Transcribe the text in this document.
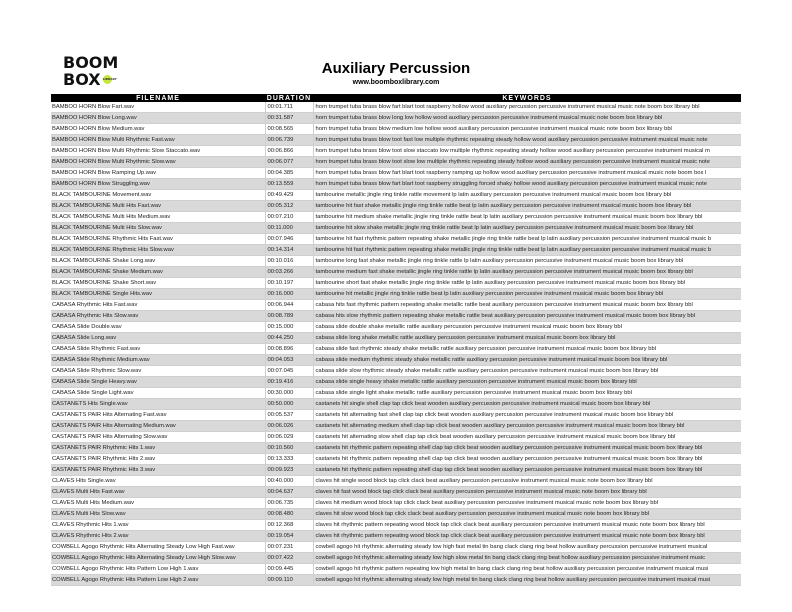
BOOM
BOX LIBRARY
Auxiliary Percussion
www.boomboxlibrary.com
FILENAME	DURATION	KEYWORDS
BAMBOO HORN Blow Fart.wav	00:01.711	horn trumpet tuba brass blow fart blart toot raspberry hollow wood auxiliary percussion percussive instrument musical music note boom box library bbl
BAMBOO HORN Blow Long.wav	00:31.587	horn trumpet tuba brass blow long low hollow wood auxiliary percussion percussive instrument musical music note boom box library bbl
BAMBOO HORN Blow Medium.wav	00:08.565	horn trumpet tuba brass blow medium low hollow wood auxiliary percussion percussive instrument musical music note boom box library bbl
BAMBOO HORN Blow Multi Rhythmic Fast.wav	00:06.739	horn trumpet tuba brass blow toot fast low multiple rhythmic repeating steady hollow wood auxiliary percussion percussive instrument musical music note
BAMBOO HORN Blow Multi Rhythmic Slow Staccato.wav	00:06.866	horn trumpet tuba brass blow toot slow staccato low multiple rhythmic repeating steady hollow wood auxiliary percussion percussive instrument musical m
BAMBOO HORN Blow Multi Rhythmic Slow.wav	00:06.077	horn trumpet tuba brass blow toot slow low multiple rhythmic repeating steady hollow wood auxiliary percussion percussive instrument musical music note
BAMBOO HORN Blow Ramping Up.wav	00:04.385	horn trumpet tuba brass blow fart blart toot raspberry ramping up hollow wood auxiliary percussion percussive instrument musical music note boom box l
BAMBOO HORN Blow Struggling.wav	00:13.559	horn trumpet tuba brass blow fart blart toot raspberry struggling forced shaky hollow wood auxiliary percussion percussive instrument musical music note
BLACK TAMBOURINE Movement.wav	00:49.429	tambourine metallic jingle ring tinkle rattle movement lp latin auxiliary percussion percussive instrument musical music boom box library bbl
BLACK TAMBOURINE Multi Hits Fast.wav	00:05.312	tambourine hit fast shake metallic jingle ring tinkle rattle beat lp latin auxiliary percussion percussive instrument musical music boom box library bbl
BLACK TAMBOURINE Multi Hits Medium.wav	00:07.210	tambourine hit medium shake metallic jingle ring tinkle rattle beat lp latin auxiliary percussion percussive instrument musical music boom box library bbl
BLACK TAMBOURINE Multi Hits Slow.wav	00:11.000	tambourine hit slow shake metallic jingle ring tinkle rattle beat lp latin auxiliary percussion percussive instrument musical music boom box library bbl
BLACK TAMBOURINE Rhythmic Hits Fast.wav	00:07.946	tambourine hit fast rhythmic pattern repeating shake metallic jingle ring tinkle rattle beat lp latin auxiliary percussion percussive instrument musical music b
BLACK TAMBOURINE Rhythmic Hits Slow.wav	00:14.314	tambourine hit fast rhythmic pattern repeating shake metallic jingle ring tinkle rattle beat lp latin auxiliary percussion percussive instrument musical music b
BLACK TAMBOURINE Shake Long.wav	00:10.016	tambourine long fast shake metallic jingle ring tinkle rattle lp latin auxiliary percussion percussive instrument musical music boom box library bbl
BLACK TAMBOURINE Shake Medium.wav	00:03.266	tambourine medium fast shake metallic jingle ring tinkle rattle lp latin auxiliary percussion percussive instrument musical music boom box library bbl
BLACK TAMBOURINE Shake Short.wav	00:10.197	tambourine short fast shake metallic jingle ring tinkle rattle lp latin auxiliary percussion percussive instrument musical music boom box library bbl
BLACK TAMBOURINE Single Hits.wav	00:16.000	tambourine hit metallic jingle ring tinkle rattle beat lp latin auxiliary percussion percussive instrument musical music boom box library bbl
CABASA Rhythmic Hits Fast.wav	00:06.944	cabasa hits fast rhythmic pattern repeating shake metallic rattle beat auxiliary percussion percussive instrument musical music boom box library bbl
CABASA Rhythmic Hits Slow.wav	00:08.789	cabasa hits slow rhythmic pattern repeating shake metallic rattle beat auxiliary percussion percussive instrument musical music boom box library bbl
CABASA Slide Double.wav	00:15.000	cabasa slide double shake metallic rattle auxiliary percussion percussive instrument musical music boom box library bbl
CABASA Slide Long.wav	00:44.250	cabasa slide long shake metallic rattle auxiliary percussion percussive instrument musical music boom box library bbl
CABASA Slide Rhythmic Fast.wav	00:08.896	cabasa slide fast rhythmic steady shake metallic rattle auxiliary percussion percussive instrument musical music boom box library bbl
CABASA Slide Rhythmic Medium.wav	00:04.053	cabasa slide medium rhythmic steady shake metallic rattle auxiliary percussion percussive instrument musical music boom box library bbl
CABASA Slide Rhythmic Slow.wav	00:07.045	cabasa slide slow rhythmic steady shake metallic rattle auxiliary percussion percussive instrument musical music boom box library bbl
CABASA Slide Single Heavy.wav	00:19.416	cabasa slide single heavy shake metallic rattle auxiliary percussion percussive instrument musical music boom box library bbl
CABASA Slide Single Light.wav	00:30.000	cabasa slide single light shake metallic rattle auxiliary percussion percussive instrument musical music boom box library bbl
CASTANETS Hits Single.wav	00:50.000	castanets hit single shell clap tap click beat wooden auxiliary percussion percussive instrument musical music boom box library bbl
CASTANETS PAIR Hits Alternating Fast.wav	00:05.537	castanets hit alternating fast shell clap tap click beat wooden auxiliary percussion percussive instrument musical music boom box library bbl
CASTANETS PAIR Hits Alternating Medium.wav	00:06.026	castanets hit alternating medium shell clap tap click beat wooden auxiliary percussion percussive instrument musical music boom box library bbl
CASTANETS PAIR Hits Alternating Slow.wav	00:06.029	castanets hit alternating slow shell clap tap click beat wooden auxiliary percussion percussive instrument musical music boom box library bbl
CASTANETS PAIR Rhythmic Hits 1.wav	00:10.560	castanets hit rhythmic pattern repeating shell clap tap click beat wooden auxiliary percussion percussive instrument musical music boom box library bbl
CASTANETS PAIR Rhythmic Hits 2.wav	00:13.333	castanets hit rhythmic pattern repeating shell clap tap click beat wooden auxiliary percussion percussive instrument musical music boom box library bbl
CASTANETS PAIR Rhythmic Hits 3.wav	00:09.923	castanets hit rhythmic pattern repeating shell clap tap click beat wooden auxiliary percussion percussive instrument musical music boom box library bbl
CLAVES Hits Single.wav	00:40.000	claves hit single wood block tap click clack beat auxiliary percussion percussive instrument musical music note boom box library bbl
CLAVES Multi Hits Fast.wav	00:04.637	claves hit fast wood block tap click clack beat auxiliary percussion percussive instrument musical music note boom box library bbl
CLAVES Multi Hits Medium.wav	00:06.735	claves hit medium wood block tap click clack beat auxiliary percussion percussive instrument musical music note boom box library bbl
CLAVES Multi Hits Slow.wav	00:08.480	claves hit slow wood block tap click clack beat auxiliary percussion percussive instrument musical music note boom box library bbl
CLAVES Rhythmic Hits 1.wav	00:12.368	claves hit rhythmic pattern repeating wood block tap click clack beat auxiliary percussion percussive instrument musical music note boom box library bbl
CLAVES Rhythmic Hits 2.wav	00:19.054	claves hit rhythmic pattern repeating wood block tap click clack beat auxiliary percussion percussive instrument musical music note boom box library bbl
COWBELL Agogo Rhythmic Hits Alternating Steady Low High Fast.wav	00:07.231	cowbell agogo hit rhythmic alternating steady low high fast metal tin bang clack clang ring beat hollow auxiliary percussion percussive instrument musical
COWBELL Agogo Rhythmic Hits Alternating Steady Low High Slow.wav	00:07.422	cowbell agogo hit rhythmic alternating steady low high slow metal tin bang clack clang ring beat hollow auxiliary percussion percussive instrument music
COWBELL Agogo Rhythmic Hits Pattern Low High 1.wav	00:09.445	cowbell agogo hit rhythmic pattern repeating low high metal tin bang clack clang ring beat hollow auxiliary percussion percussive instrument musical musi
COWBELL Agogo Rhythmic Hits Pattern Low High 2.wav	00:09.110	cowbell agogo hit rhythmic alternating steady low high metal tin bang clack clang ring beat hollow auxiliary percussion percussive instrument musical musi
